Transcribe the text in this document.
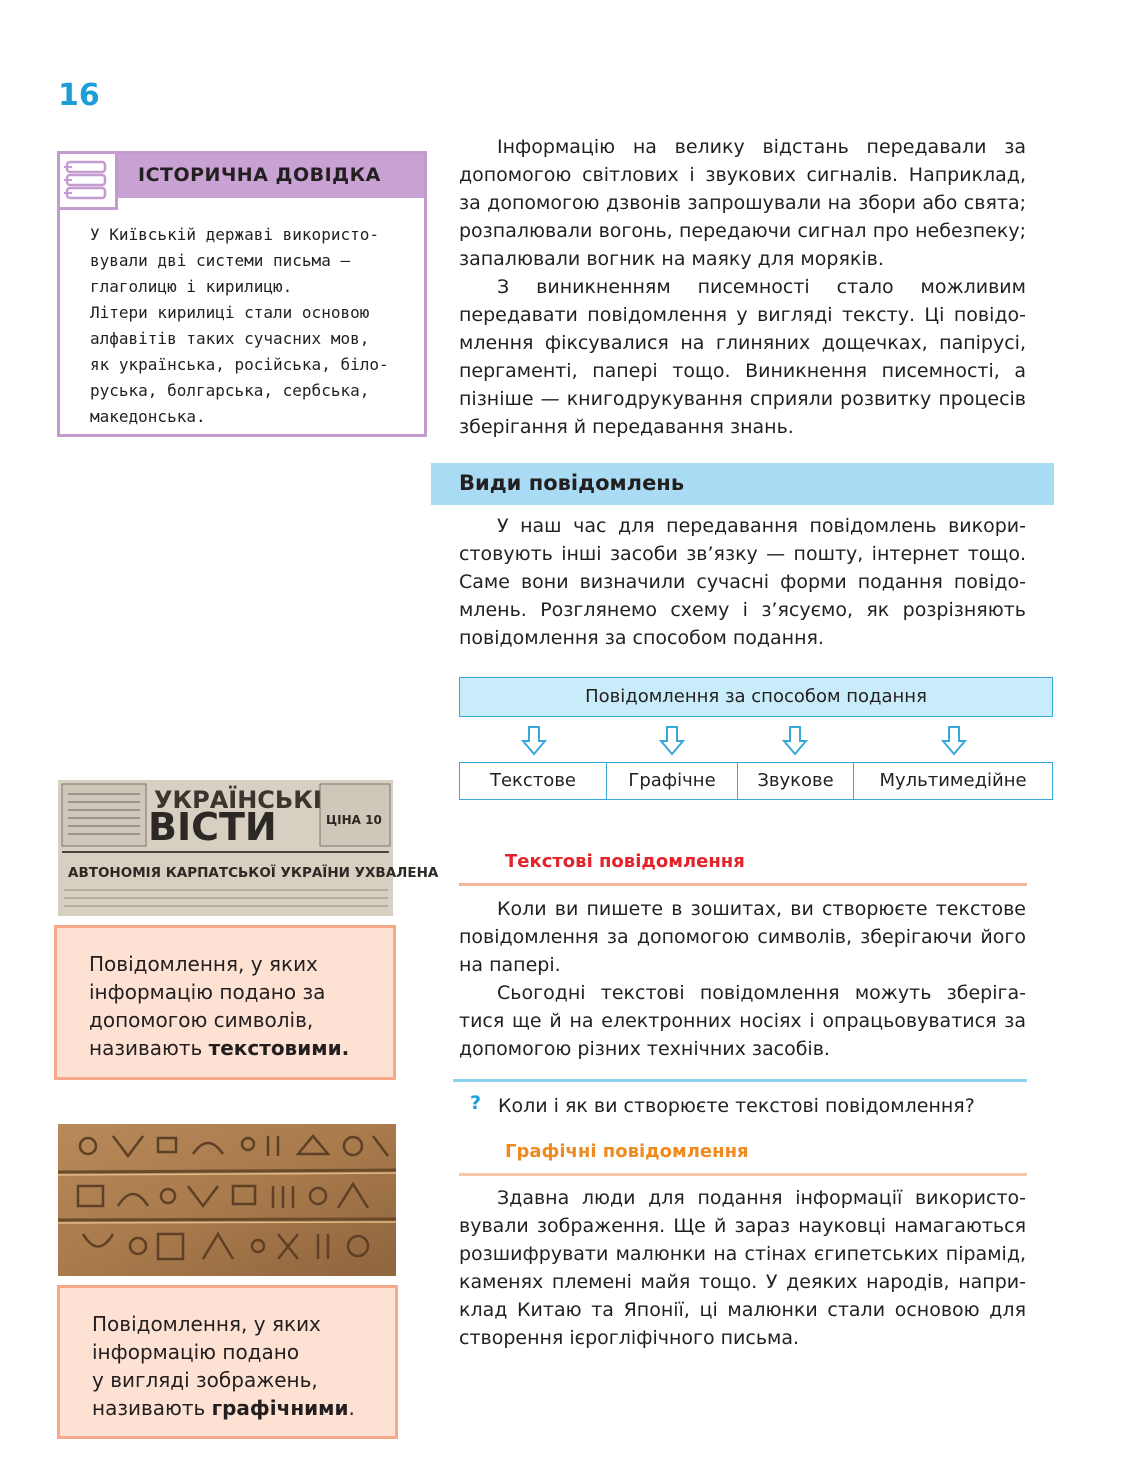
16
ІСТОРИЧНА ДОВІДКА
У Київській державі використо-
вували дві системи письма —
глаголицю і кирилицю.
Літери кирилиці стали основою
алфавітів таких сучасних мов,
як українська, російська, біло-
руська, болгарська, сербська,
македонська.

Інформацію на велику відстань передавали за допомогою світлових і звукових сигналів. Наприклад, за допомогою дзвонів запрошували на збори або свята; розпалювали вогонь, передаючи сигнал про небезпеку; запалювали вогник на маяку для моряків.

З виникненням писемності стало можливим передавати повідомлення у вигляді тексту. Ці повідомлення фіксувалися на глиняних дощечках, папірусі, пергаменті, папері тощо. Виникнення писемності, а пізніше — книгодрукування сприяли розвитку процесів зберігання й передавання знань.

Види повідомлень

У наш час для передавання повідомлень використовують інші засоби зв’язку — пошту, інтернет тощо. Саме вони визначили сучасні форми подання повідомлень. Розглянемо схему і з’ясуємо, як розрізняють повідомлення за способом подання.

Повідомлення за способом подання
Текстове	Графічне	Звукове	Мультимедійне
Текстові повідомлення

Коли ви пишете в зошитах, ви створюєте текстове повідомлення за допомогою символів, зберігаючи його на папері.

Сьогодні текстові повідомлення можуть зберігатися ще й на електронних носіях і опрацьовуватися за допомогою різних технічних засобів.

? Коли і як ви створюєте текстові повідомлення?
Графічні повідомлення

Здавна люди для подання інформації використовували зображення. Ще й зараз науковці намагаються розшифрувати малюнки на стінах єгипетських пірамід, каменях племені майя тощо. У деяких народів, наприклад Китаю та Японії, ці малюнки стали основою для створення ієрогліфічного письма.

УКРАЇНСЬКІ
ВІСТИ	ЦІНА 10
АВТОНОМІЯ КАРПАТСЬКОЇ УКРАЇНИ УХВАЛЕНА
Повідомлення, у яких
інформацію подано за
допомогою символів,
називають текстовими.
Повідомлення, у яких
інформацію подано
у вигляді зображень,
називають графічними.
